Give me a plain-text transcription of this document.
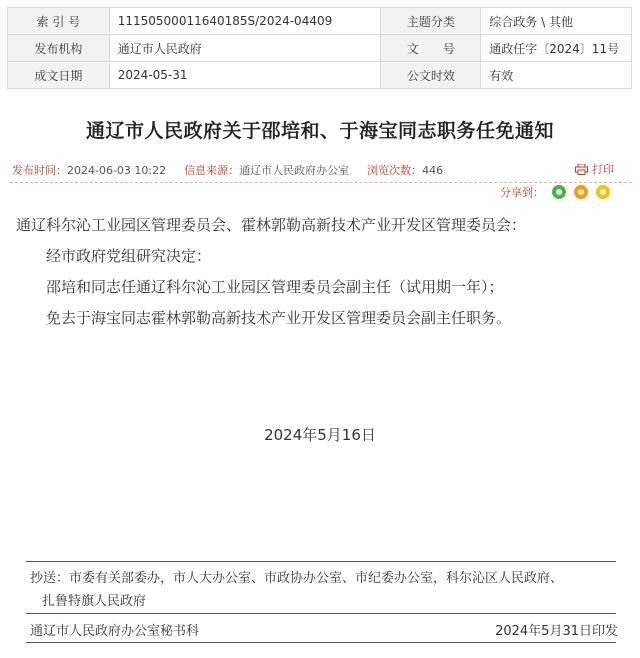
索 引 号	11150500011640185S/2024-04409	主题分类	综合政务 \ 其他
发布机构	通辽市人民政府	文　　号	通政任字〔2024〕11号
成文日期	2024-05-31	公文时效	有效
通辽市人民政府关于邵培和、于海宝同志职务任免通知
发布时间：2024-06-03 10:22 信息来源：通辽市人民政府办公室 浏览次数：446	打印
分享到：

通辽科尔沁工业园区管理委员会、霍林郭勒高新技术产业开发区管理委员会：

经市政府党组研究决定：

邵培和同志任通辽科尔沁工业园区管理委员会副主任（试用期一年）；

免去于海宝同志霍林郭勒高新技术产业开发区管理委员会副主任职务。

2024年5月16日
抄送：市委有关部委办，市人大办公室、市政协办公室、市纪委办公室，科尔沁区人民政府、
扎鲁特旗人民政府
通辽市人民政府办公室秘书科	2024年5月31日印发
